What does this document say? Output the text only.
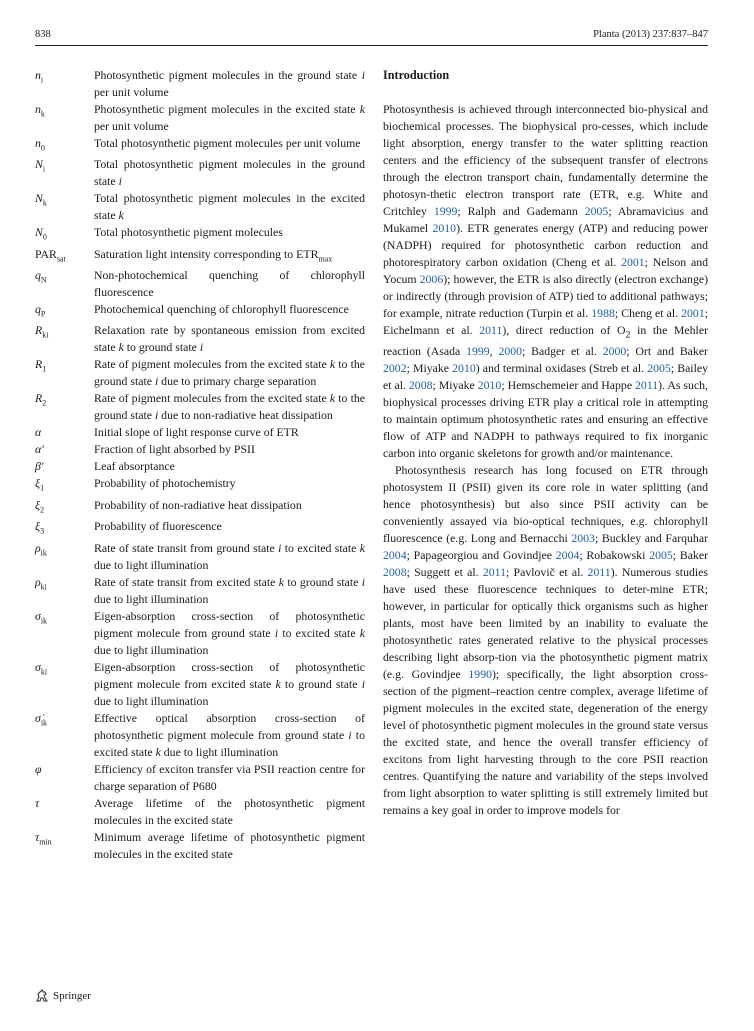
838	Planta (2013) 237:837–847
$n_i$	Photosynthetic pigment molecules in the ground state i per unit volume
$n_k$	Photosynthetic pigment molecules in the excited state k per unit volume
$n_0$	Total photosynthetic pigment molecules per unit volume
$N_i$	Total photosynthetic pigment molecules in the ground state i
$N_k$	Total photosynthetic pigment molecules in the excited state k
$N_0$	Total photosynthetic pigment molecules
$PAR_{sat}$	Saturation light intensity corresponding to $ETR_{max}$
$q_N$	Non-photochemical quenching of chlorophyll fluorescence
$q_P$	Photochemical quenching of chlorophyll fluorescence
$R_{ki}$	Relaxation rate by spontaneous emission from excited state k to ground state i
$R_1$	Rate of pigment molecules from the excited state k to the ground state i due to primary charge separation
$R_2$	Rate of pigment molecules from the excited state k to the ground state i due to non-radiative heat dissipation
α	Initial slope of light response curve of ETR
α′	Fraction of light absorbed by PSII
β′	Leaf absorptance
$\xi_1$	Probability of photochemistry
$\xi_2$	Probability of non-radiative heat dissipation
$\xi_3$	Probability of fluorescence
$\rho_{ik}$	Rate of state transit from ground state i to excited state k due to light illumination
$\rho_{ki}$	Rate of state transit from excited state k to ground state i due to light illumination
$\sigma_{ik}$	Eigen-absorption cross-section of photosynthetic pigment molecule from ground state i to excited state k due to light illumination
$\sigma_{ki}$	Eigen-absorption cross-section of photosynthetic pigment molecule from excited state k to ground state i due to light illumination
$\sigmȧ_{ik}$	Effective optical absorption cross-section of photosynthetic pigment molecule from ground state i to excited state k due to light illumination
φ	Efficiency of exciton transfer via PSII reaction centre for charge separation of P680
τ	Average lifetime of the photosynthetic pigment molecules in the excited state
$\tau_{min}$	Minimum average lifetime of photosynthetic pigment molecules in the excited state
Introduction

Photosynthesis is achieved through interconnected bio-physical and biochemical processes. The biophysical pro-cesses, which include light absorption, energy transfer to the water splitting reaction centers and the efficiency of the subsequent transfer of electrons through the electron transport chain, fundamentally determine the photosyn-thetic electron transport rate (ETR, e.g. White and Critchley 1999; Ralph and Gademann 2005; Abramavicius and Mukamel 2010). ETR generates energy (ATP) and reducing power (NADPH) required for photosynthetic carbon reduction and photorespiratory carbon oxidation (Cheng et al. 2001; Nelson and Yocum 2006); however, the ETR is also directly (electron exchange) or indirectly (through provision of ATP) tied to additional pathways; for example, nitrate reduction (Turpin et al. 1988; Cheng et al. 2001; Eichelmann et al. 2011), direct reduction of $O_2$ in the Mehler reaction (Asada 1999, 2000; Badger et al. 2000; Ort and Baker 2002; Miyake 2010) and terminal oxidases (Streb et al. 2005; Bailey et al. 2008; Miyake 2010; Hemschemeier and Happe 2011). As such, biophysical processes driving ETR play a critical role in attempting to maintain optimum photosynthetic rates and ensuring an effective flow of ATP and NADPH to pathways required to fix inorganic carbon into organic skeletons for growth and/or maintenance.

Photosynthesis research has long focused on ETR through photosystem II (PSII) given its core role in water splitting (and hence photosynthesis) but also since PSII activity can be conveniently assayed via bio-optical techniques, e.g. chlorophyll fluorescence (e.g. Long and Bernacchi 2003; Buckley and Farquhar 2004; Papageorgiou and Govindjee 2004; Robakowski 2005; Baker 2008; Suggett et al. 2011; Pavlovič et al. 2011). Numerous studies have used these fluorescence techniques to deter-mine ETR; however, in particular for optically thick organisms such as higher plants, most have been limited by an inability to evaluate the photosynthetic rates generated relative to the physical processes describing light absorp-tion via the photosynthetic pigment matrix (e.g. Govindjee 1990); specifically, the light absorption cross-section of the pigment–reaction centre complex, average lifetime of pigment molecules in the excited state, degeneration of the energy level of photosynthetic pigment molecules in the ground state versus the excited state, and hence the overall transfer efficiency of excitons from light harvesting through to the core PSII reaction centres. Quantifying the nature and variability of the steps involved from light absorption to water splitting is still extremely limited but remains a key goal in order to improve models for

Springer
